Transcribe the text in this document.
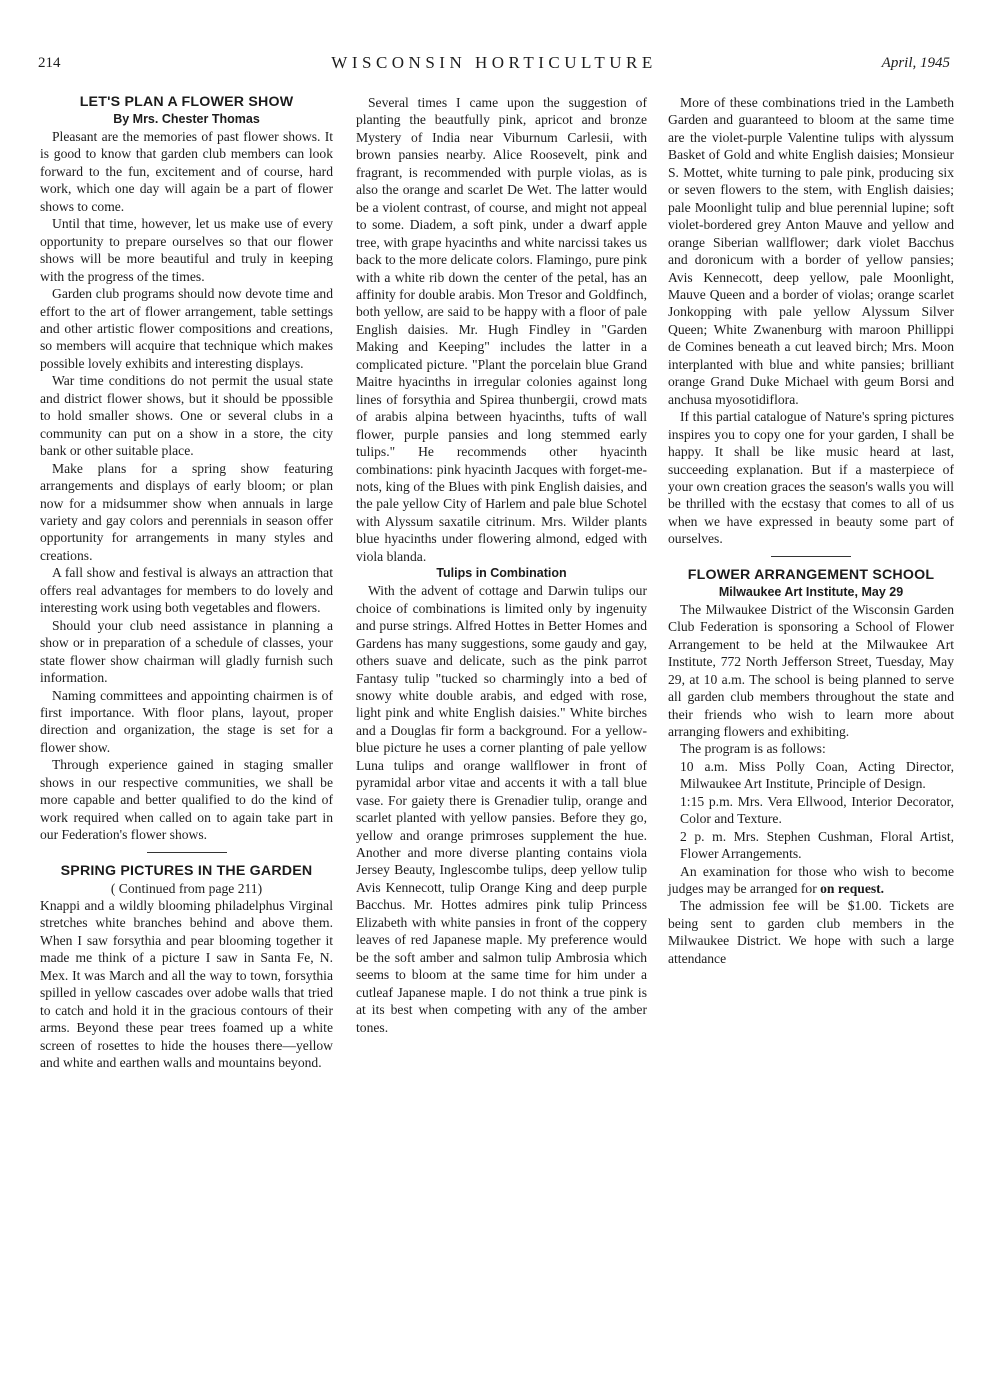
214	WISCONSIN HORTICULTURE	April, 1945
LET'S PLAN A FLOWER SHOW
By Mrs. Chester Thomas

Pleasant are the memories of past flower shows. It is good to know that garden club members can look forward to the fun, excitement and of course, hard work, which one day will again be a part of flower shows to come.

Until that time, however, let us make use of every opportunity to prepare ourselves so that our flower shows will be more beautiful and truly in keeping with the progress of the times.

Garden club programs should now devote time and effort to the art of flower arrangement, table settings and other artistic flower compositions and creations, so members will acquire that technique which makes possible lovely exhibits and interesting displays.

War time conditions do not permit the usual state and district flower shows, but it should be ppossible to hold smaller shows. One or several clubs in a community can put on a show in a store, the city bank or other suitable place.

Make plans for a spring show featuring arrangements and displays of early bloom; or plan now for a midsummer show when annuals in large variety and gay colors and perennials in season offer opportunity for arrangements in many styles and creations.

A fall show and festival is always an attraction that offers real advantages for members to do lovely and interesting work using both vegetables and flowers.

Should your club need assistance in planning a show or in preparation of a schedule of classes, your state flower show chairman will gladly furnish such information.

Naming committees and appointing chairmen is of first importance. With floor plans, layout, proper direction and organization, the stage is set for a flower show.

Through experience gained in staging smaller shows in our respective communities, we shall be more capable and better qualified to do the kind of work required when called on to again take part in our Federation's flower shows.

SPRING PICTURES IN THE GARDEN

( Continued from page 211)

Knappi and a wildly blooming philadelphus Virginal stretches white branches behind and above them. When I saw forsythia and pear blooming together it made me think of a picture I saw in Santa Fe, N. Mex. It was March and all the way to town, forsythia spilled in yellow cascades over adobe walls that tried to catch and hold it in the gracious contours of their arms. Beyond these pear trees foamed up a white screen of rosettes to hide the houses there—yellow and white and earthen walls and mountains beyond.

Several times I came upon the suggestion of planting the beautfully pink, apricot and bronze Mystery of India near Viburnum Carlesii, with brown pansies nearby. Alice Roosevelt, pink and fragrant, is recommended with purple violas, as is also the orange and scarlet De Wet. The latter would be a violent contrast, of course, and might not appeal to some. Diadem, a soft pink, under a dwarf apple tree, with grape hyacinths and white narcissi takes us back to the more delicate colors. Flamingo, pure pink with a white rib down the center of the petal, has an affinity for double arabis. Mon Tresor and Goldfinch, both yellow, are said to be happy with a floor of pale English daisies. Mr. Hugh Findley in "Garden Making and Keeping" includes the latter in a complicated picture. "Plant the porcelain blue Grand Maitre hyacinths in irregular colonies against long lines of forsythia and Spirea thunbergii, crowd mats of arabis alpina between hyacinths, tufts of wall flower, purple pansies and long stemmed early tulips." He recommends other hyacinth combinations: pink hyacinth Jacques with forget-me-nots, king of the Blues with pink English daisies, and the pale yellow City of Harlem and pale blue Schotel with Alyssum saxatile citrinum. Mrs. Wilder plants blue hyacinths under flowering almond, edged with viola blanda.

Tulips in Combination

With the advent of cottage and Darwin tulips our choice of combinations is limited only by ingenuity and purse strings. Alfred Hottes in Better Homes and Gardens has many suggestions, some gaudy and gay, others suave and delicate, such as the pink parrot Fantasy tulip "tucked so charmingly into a bed of snowy white double arabis, and edged with rose, light pink and white English daisies." White birches and a Douglas fir form a background. For a yellow-blue picture he uses a corner planting of pale yellow Luna tulips and orange wallflower in front of pyramidal arbor vitae and accents it with a tall blue vase. For gaiety there is Grenadier tulip, orange and scarlet planted with yellow pansies. Before they go, yellow and orange primroses supplement the hue. Another and more diverse planting contains viola Jersey Beauty, Inglescombe tulips, deep yellow tulip Avis Kennecott, tulip Orange King and deep purple Bacchus. Mr. Hottes admires pink tulip Princess Elizabeth with white pansies in front of the coppery leaves of red Japanese maple. My preference would be the soft amber and salmon tulip Ambrosia which seems to bloom at the same time for him under a cutleaf Japanese maple. I do not think a true pink is at its best when competing with any of the amber tones.

More of these combinations tried in the Lambeth Garden and guaranteed to bloom at the same time are the violet-purple Valentine tulips with alyssum Basket of Gold and white English daisies; Monsieur S. Mottet, white turning to pale pink, producing six or seven flowers to the stem, with English daisies; pale Moonlight tulip and blue perennial lupine; soft violet-bordered grey Anton Mauve and yellow and orange Siberian wallflower; dark violet Bacchus and doronicum with a border of yellow pansies; Avis Kennecott, deep yellow, pale Moonlight, Mauve Queen and a border of violas; orange scarlet Jonkopping with pale yellow Alyssum Silver Queen; White Zwanenburg with maroon Phillippi de Comines beneath a cut leaved birch; Mrs. Moon interplanted with blue and white pansies; brilliant orange Grand Duke Michael with geum Borsi and anchusa myosotidiflora.

If this partial catalogue of Nature's spring pictures inspires you to copy one for your garden, I shall be happy. It shall be like music heard at last, succeeding explanation. But if a masterpiece of your own creation graces the season's walls you will be thrilled with the ecstasy that comes to all of us when we have expressed in beauty some part of ourselves.

FLOWER ARRANGEMENT SCHOOL
Milwaukee Art Institute, May 29

The Milwaukee District of the Wisconsin Garden Club Federation is sponsoring a School of Flower Arrangement to be held at the Milwaukee Art Institute, 772 North Jefferson Street, Tuesday, May 29, at 10 a.m. The school is being planned to serve all garden club members throughout the state and their friends who wish to learn more about arranging flowers and exhibiting.

The program is as follows:

10 a.m. Miss Polly Coan, Acting Director, Milwaukee Art Institute, Principle of Design.

1:15 p.m. Mrs. Vera Ellwood, Interior Decorator, Color and Texture.

2 p. m. Mrs. Stephen Cushman, Floral Artist, Flower Arrangements.

An examination for those who wish to become judges may be arranged for on request.

The admission fee will be $1.00. Tickets are being sent to garden club members in the Milwaukee District. We hope with such a large attendance
